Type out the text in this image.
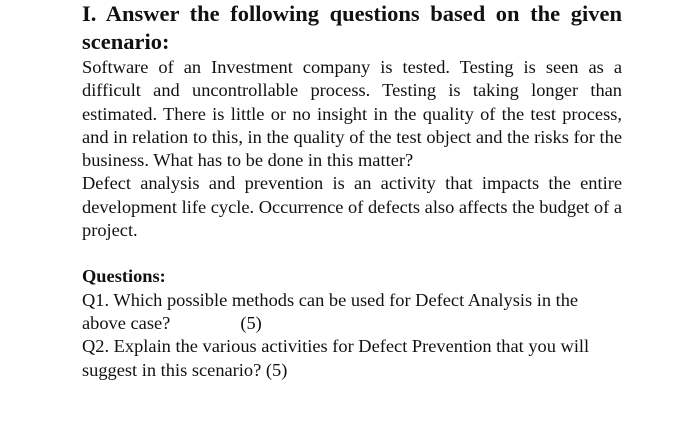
I. Answer the following questions based on the given scenario:

Software of an Investment company is tested. Testing is seen as a difficult and uncontrollable process. Testing is taking longer than estimated. There is little or no insight in the quality of the test process, and in relation to this, in the quality of the test object and the risks for the business. What has to be done in this matter?

Defect analysis and prevention is an activity that impacts the entire development life cycle. Occurrence of defects also affects the budget of a project.

Questions:

Q1. Which possible methods can be used for Defect Analysis in the above case?	(5)

Q2. Explain the various activities for Defect Prevention that you will suggest in this scenario? (5)
